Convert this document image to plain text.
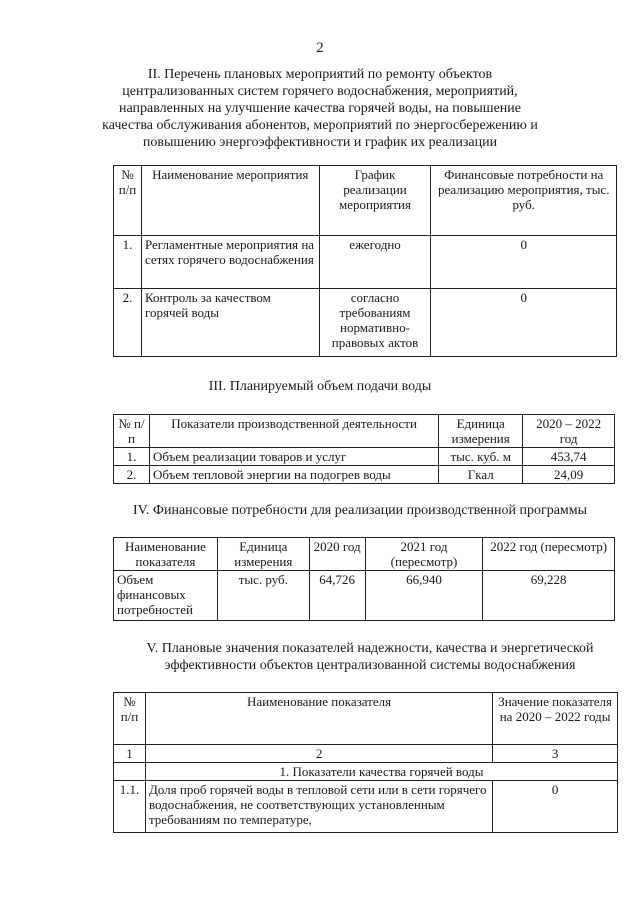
2
II. Перечень плановых мероприятий по ремонту объектов централизованных систем горячего водоснабжения, мероприятий, направленных на улучшение качества горячей воды, на повышение качества обслуживания абонентов, мероприятий по энергосбережению и повышению энергоэффективности и график их реализации
№ п/п	Наименование мероприятия	График реализации мероприятия	Финансовые потребности на реализацию мероприятия, тыс. руб.
1.	Регламентные мероприятия на сетях горячего водоснабжения	ежегодно	0
2.	Контроль за качеством горячей воды	согласно требованиям нормативно-правовых актов	0
III. Планируемый объем подачи воды
№ п/п	Показатели производственной деятельности	Единица измерения	2020 – 2022 год
1.	Объем реализации товаров и услуг	тыс. куб. м	453,74
2.	Объем тепловой энергии на подогрев воды	Гкал	24,09
IV. Финансовые потребности для реализации производственной программы
Наименование показателя	Единица измерения	2020 год	2021 год (пересмотр)	2022 год (пересмотр)
Объем финансовых потребностей	тыс. руб.	64,726	66,940	69,228
V. Плановые значения показателей надежности, качества и энергетической эффективности объектов централизованной системы водоснабжения
№ п/п	Наименование показателя	Значение показателя на 2020 – 2022 годы
1	2	3
	1. Показатели качества горячей воды	
1.1.	Доля проб горячей воды в тепловой сети или в сети горячего водоснабжения, не соответствующих установленным требованиям по температуре,	0
